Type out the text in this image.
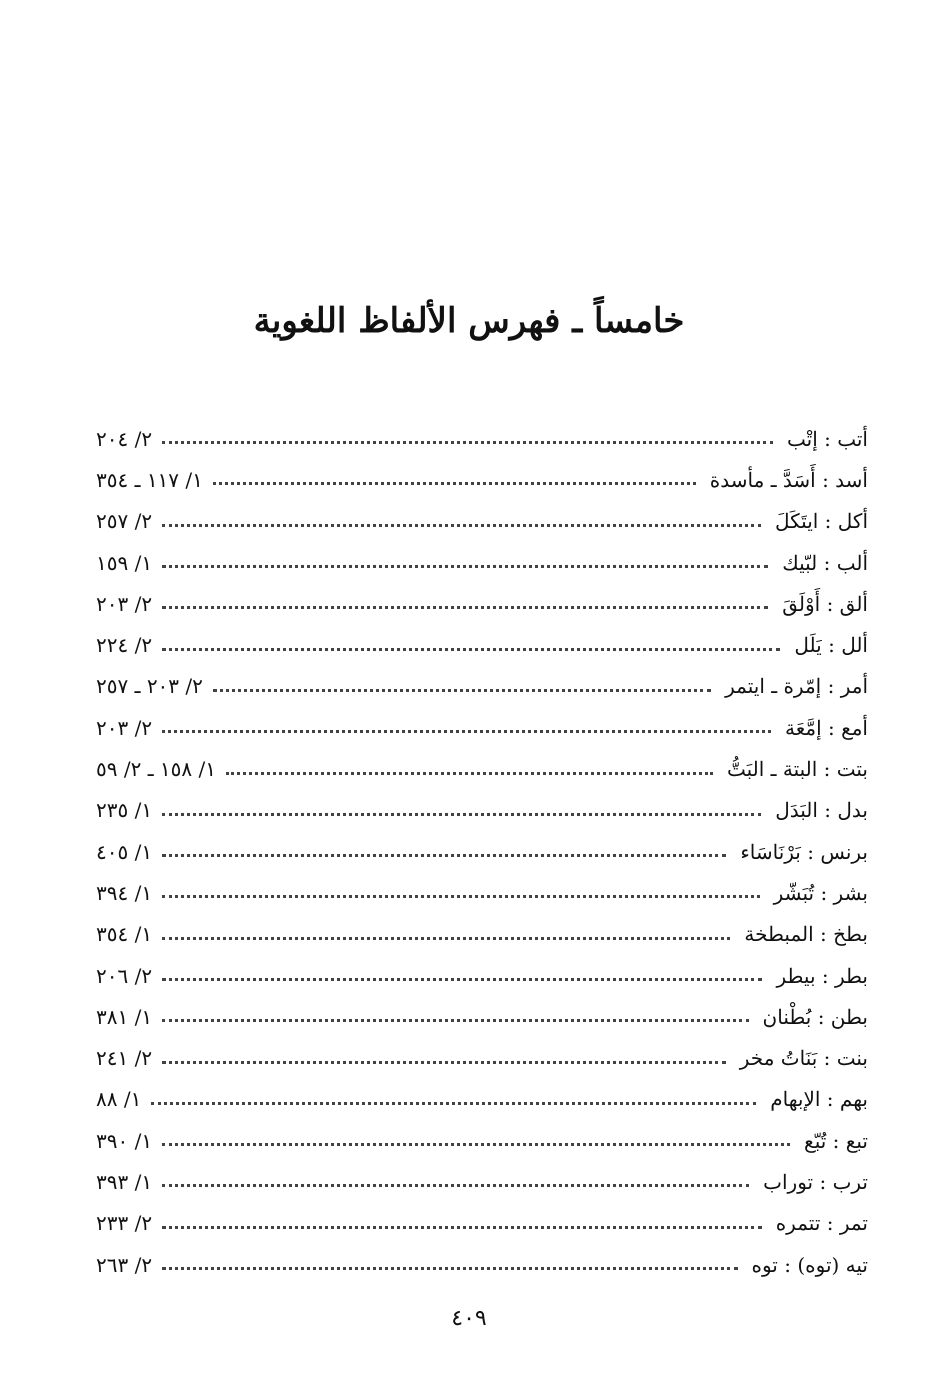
خامساً ـ فهرس الألفاظ اللغوية
أتب : إتْب
٢/ ٢٠٤
أسد : أَسَدَّ ـ مأسدة
١/ ١١٧ ـ ٣٥٤
أكل : ايتَكَلَ
٢/ ٢٥٧
ألب : لبّيك
١/ ١٥٩
ألق : أَوْلَقَ
٢/ ٢٠٣
ألل : يَلَل
٢/ ٢٢٤
أمر : إمّرة ـ ايتمر
٢/ ٢٠٣ ـ ٢٥٧
أمع : إمَّعَة
٢/ ٢٠٣
بتت : البتة ـ البَتُّ
١/ ١٥٨ ـ ٢/ ٥٩
بدل : البَدَل
١/ ٢٣٥
برنس : بَرْنَاسَاء
١/ ٤٠٥
بشر : تُبَشّر
١/ ٣٩٤
بطخ : المبطخة
١/ ٣٥٤
بطر : بيطر
٢/ ٢٠٦
بطن : بُطْنان
١/ ٣٨١
بنت : بَنَاتُ مخر
٢/ ٢٤١
بهم : الإبهام
١/ ٨٨
تبع : تُبّع
١/ ٣٩٠
ترب : توراب
١/ ٣٩٣
تمر : تتمره
٢/ ٢٣٣
تيه (توه) : توه
٢/ ٢٦٣
٤٠٩
